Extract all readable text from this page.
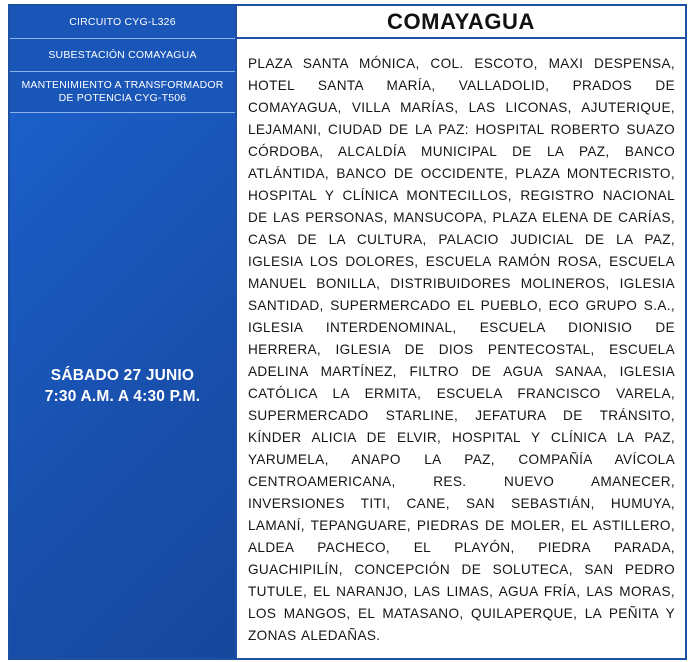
CIRCUITO CYG-L326
SUBESTACIÓN COMAYAGUA
MANTENIMIENTO A TRANSFORMADOR
DE POTENCIA CYG-T506
SÁBADO 27 JUNIO
7:30 A.M. A 4:30 P.M.
COMAYAGUA
PLAZA SANTA MÓNICA, COL. ESCOTO, MAXI DESPENSA, HOTEL SANTA MARÍA, VALLADOLID, PRADOS DE COMAYAGUA, VILLA MARÍAS, LAS LICONAS, AJUTERIQUE, LEJAMANI, CIUDAD DE LA PAZ: HOSPITAL ROBERTO SUAZO CÓRDOBA, ALCALDÍA MUNICIPAL DE LA PAZ, BANCO ATLÁNTIDA, BANCO DE OCCIDENTE, PLAZA MONTECRISTO, HOSPITAL Y CLÍNICA MONTECILLOS, REGISTRO NACIONAL DE LAS PERSONAS, MANSUCOPA, PLAZA ELENA DE CARÍAS, CASA DE LA CULTURA, PALACIO JUDICIAL DE LA PAZ, IGLESIA LOS DOLORES, ESCUELA RAMÓN ROSA, ESCUELA MANUEL BONILLA, DISTRIBUIDORES MOLINEROS, IGLESIA SANTIDAD, SUPERMERCADO EL PUEBLO, ECO GRUPO S.A., IGLESIA INTERDENOMINAL, ESCUELA DIONISIO DE HERRERA, IGLESIA DE DIOS PENTECOSTAL, ESCUELA ADELINA MARTÍNEZ, FILTRO DE AGUA SANAA, IGLESIA CATÓLICA LA ERMITA, ESCUELA FRANCISCO VARELA, SUPERMERCADO STARLINE, JEFATURA DE TRÁNSITO, KÍNDER ALICIA DE ELVIR, HOSPITAL Y CLÍNICA LA PAZ, YARUMELA, ANAPO LA PAZ, COMPAÑÍA AVÍCOLA CENTROAMERICANA, RES. NUEVO AMANECER, INVERSIONES TITI, CANE, SAN SEBASTIÁN, HUMUYA, LAMANÍ, TEPANGUARE, PIEDRAS DE MOLER, EL ASTILLERO, ALDEA PACHECO, EL PLAYÓN, PIEDRA PARADA, GUACHIPILÍN, CONCEPCIÓN DE SOLUTECA, SAN PEDRO TUTULE, EL NARANJO, LAS LIMAS, AGUA FRÍA, LAS MORAS, LOS MANGOS, EL MATASANO, QUILAPERQUE, LA PEÑITA Y ZONAS ALEDAÑAS.
